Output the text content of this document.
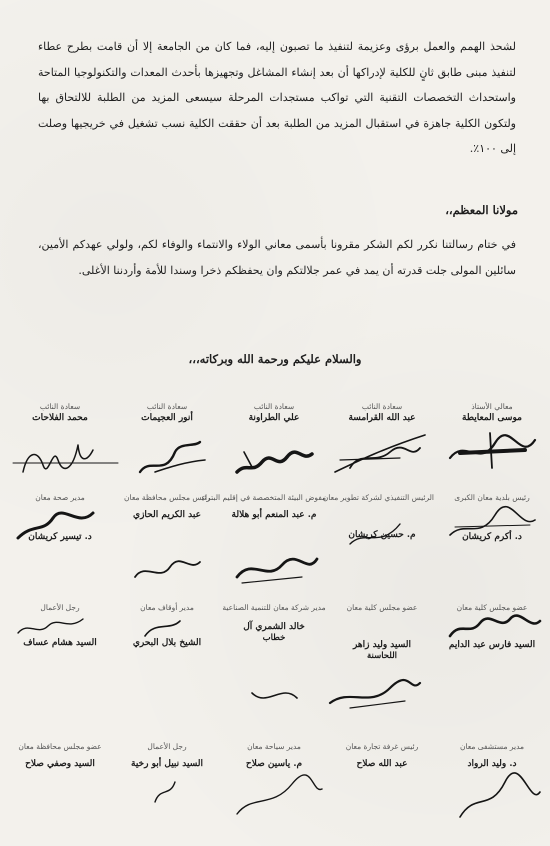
لشحذ الهمم والعمل برؤى وعزيمة لتنفيذ ما تصبون إليه، فما كان من الجامعة إلا أن قامت بطرح عطاء لتنفيذ مبنى طابق ثانٍ للكلية لإدراكها أن بعد إنشاء المشاغل وتجهيزها بأحدث المعدات والتكنولوجيا المتاحة واستحداث التخصصات التقنية التي تواكب مستجدات المرحلة سيسعى المزيد من الطلبة للالتحاق بها ولتكون الكلية جاهزة في استقبال المزيد من الطلبة بعد أن حققت الكلية نسب تشغيل في خريجيها وصلت إلى ١٠٠٪.

مولانا المعظم،،

في ختام رسالتنا نكرر لكم الشكر مقرونا بأسمى معاني الولاء والانتماء والوفاء لكم، ولولي عهدكم الأمين، سائلين المولى جلت قدرته أن يمد في عمر جلالتكم وان يحفظكم ذخرا وسندا للأمة وأردننا الأغلى.

والسلام عليكم ورحمة الله وبركاته،،،

معالي الأستاذ
موسى المعايطة
سعادة النائب
عبد الله القرامسة
سعادة النائب
علي الطراونة
سعادة النائب
أنور العجيمات
سعادة النائب
محمد الفلاحات
رئيس بلدية معان الكبرى
د. أكرم كريشان
الرئيس التنفيذي لشركة تطوير معان
م. حسين كريشان
مفوض البيئة المتخصصة في إقليم البتراء
م. عبد المنعم أبو هلالة
رئيس مجلس محافظة معان
عبد الكريم الحازي
مدير صحة معان
د. تيسير كريشان
عضو مجلس كلية معان
السيد فارس عبد الدايم
عضو مجلس كلية معان
السيد وليد زاهر
اللحاسنة
مدير شركة معان للتنمية الصناعية
خالد الشمري آل
خطاب
مدير أوقاف معان
الشيخ بلال البحري
رجل الأعمال
السيد هشام عساف
مدير مستشفى معان
د. وليد الرواد
رئيس غرفة تجارة معان
عبد الله صلاح
مدير سياحة معان
م. ياسين صلاح
رجل الأعمال
السيد نبيل أبو رخية
عضو مجلس محافظة معان
السيد وصفي صلاح
